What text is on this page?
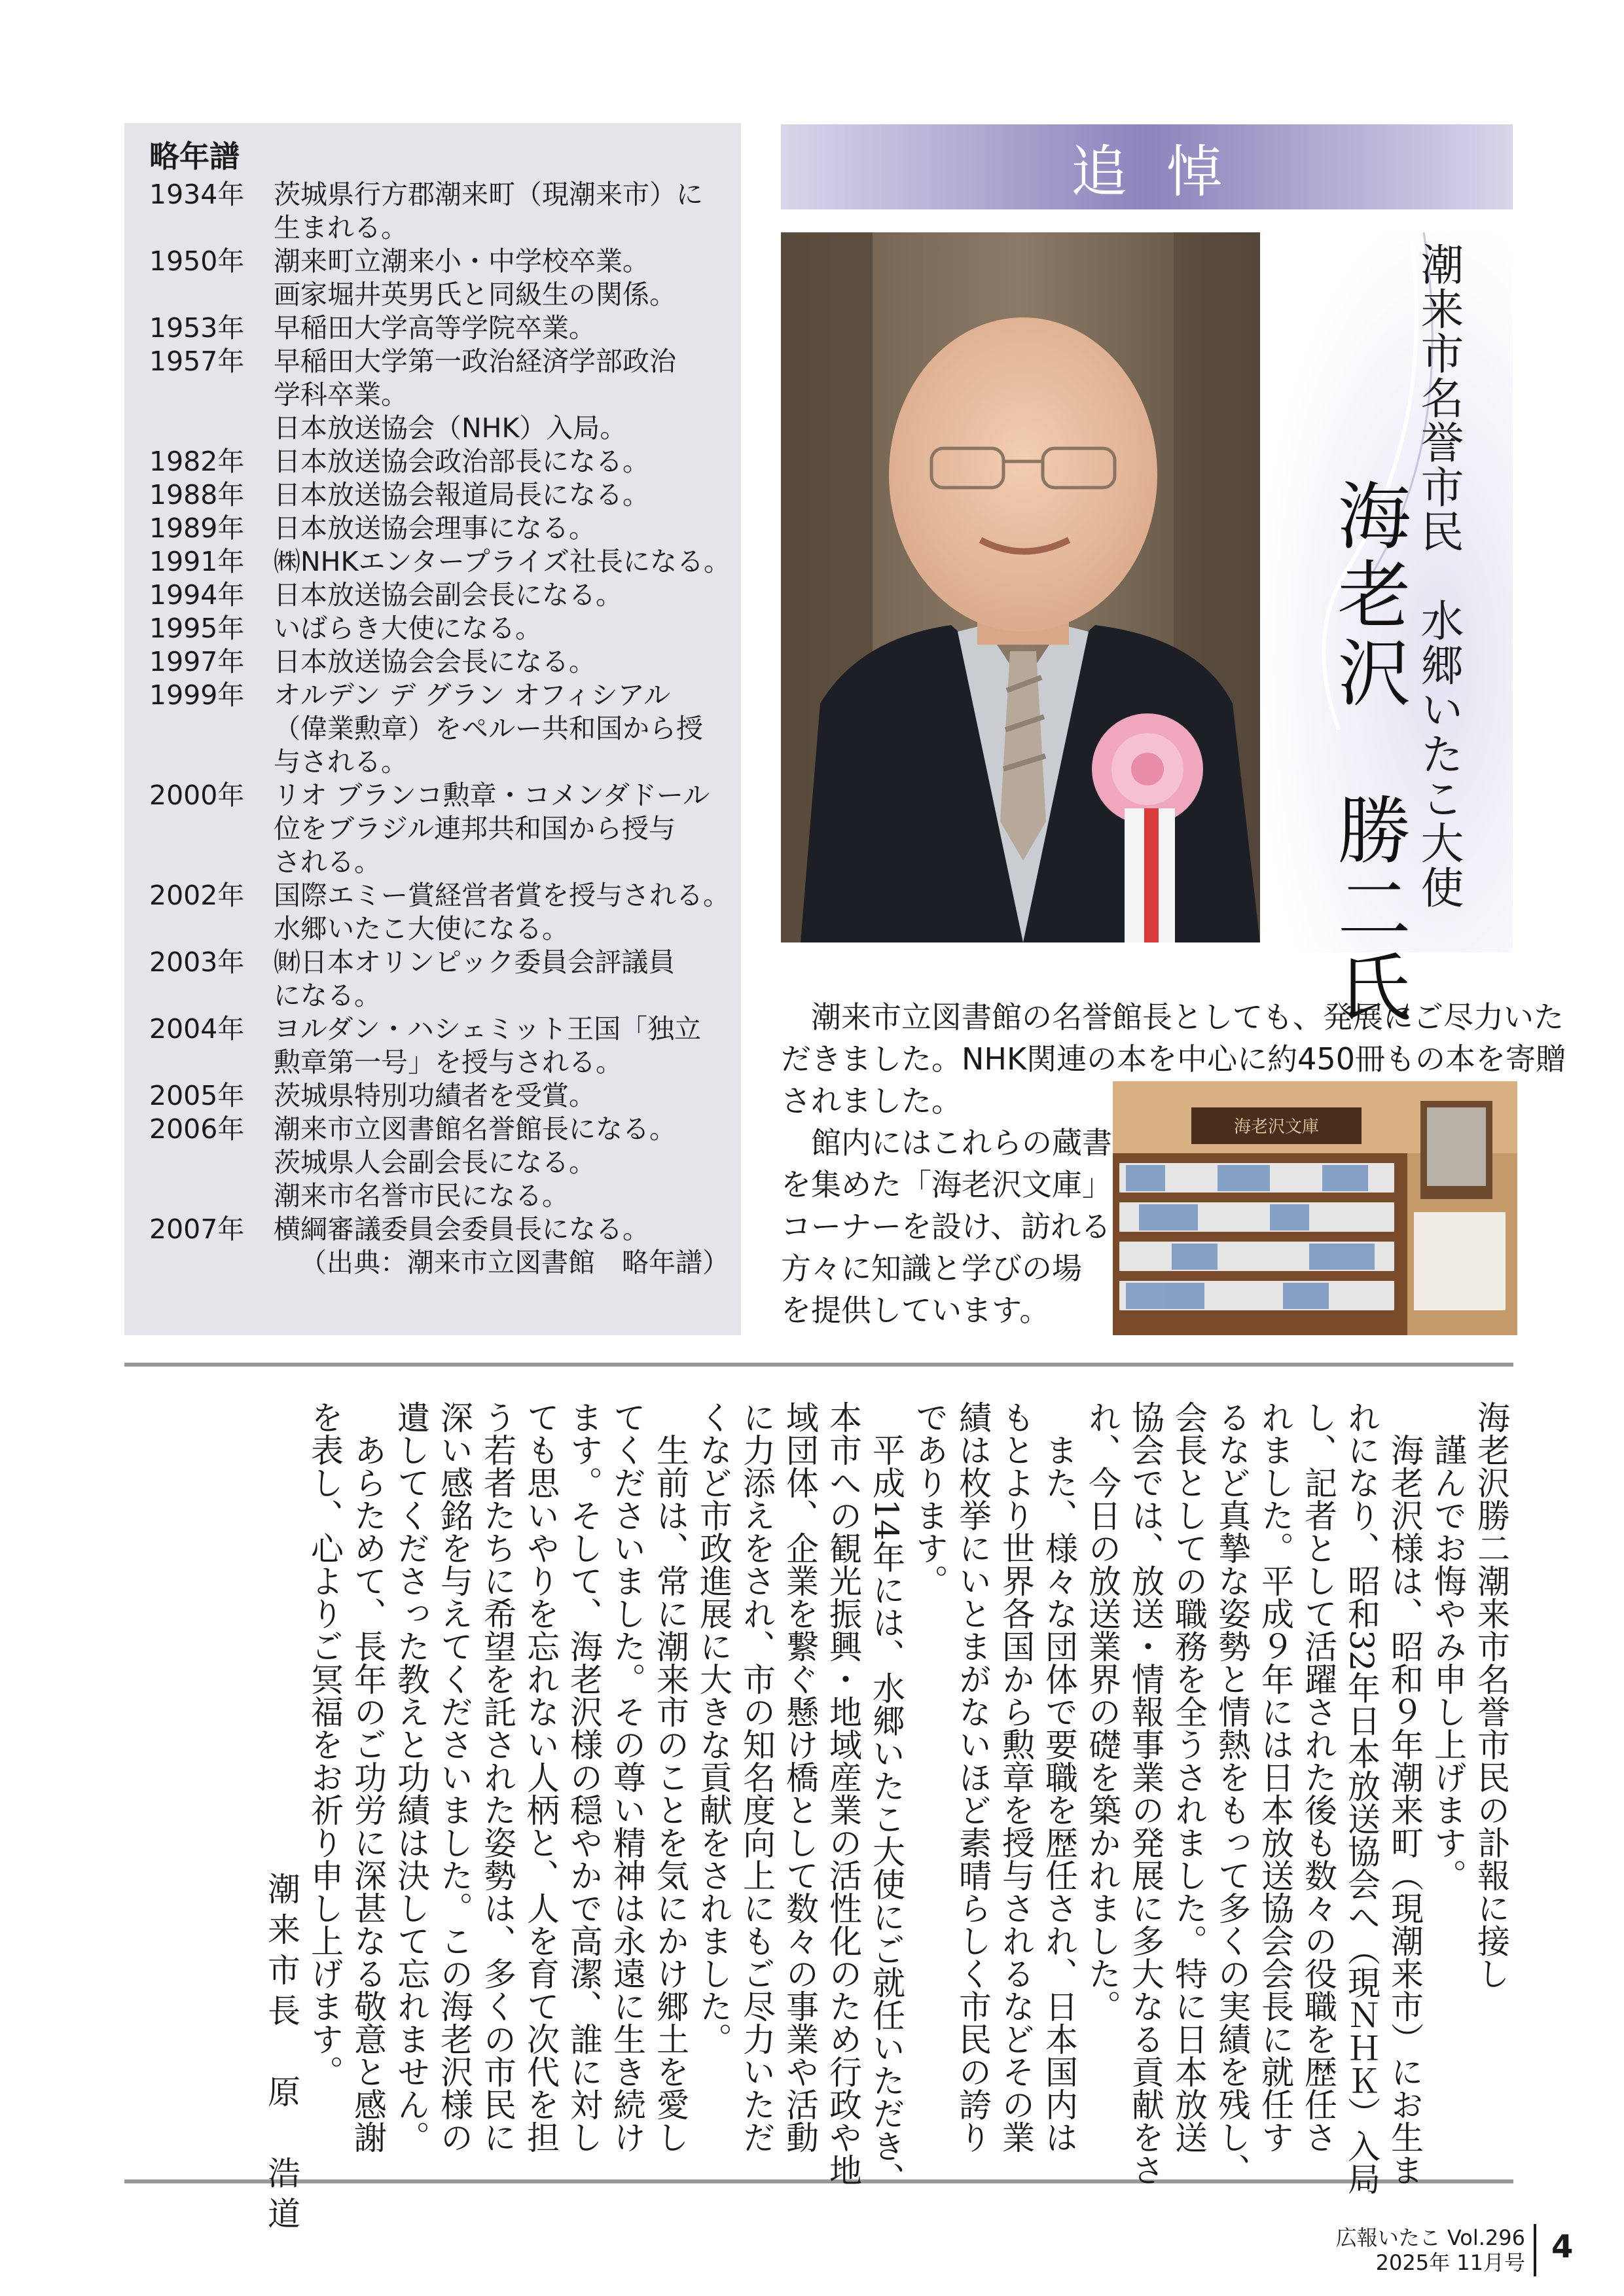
略年譜
1934年	茨城県行方郡潮来町（現潮来市）に
生まれる。
1950年	潮来町立潮来小・中学校卒業。
画家堀井英男氏と同級生の関係。
1953年	早稲田大学高等学院卒業。
1957年	早稲田大学第一政治経済学部政治
学科卒業。
日本放送協会（NHK）入局。
1982年	日本放送協会政治部長になる。
1988年	日本放送協会報道局長になる。
1989年	日本放送協会理事になる。
1991年	㈱NHKエンタープライズ社長になる。
1994年	日本放送協会副会長になる。
1995年	いばらき大使になる。
1997年	日本放送協会会長になる。
1999年	オルデン デ グラン オフィシアル
（偉業勲章）をペルー共和国から授
与される。
2000年	リオ ブランコ勲章・コメンダドール
位をブラジル連邦共和国から授与
される。
2002年	国際エミー賞経営者賞を授与される。
水郷いたこ大使になる。
2003年	㈶日本オリンピック委員会評議員
になる。
2004年	ヨルダン・ハシェミット王国「独立
勲章第一号」を授与される。
2005年	茨城県特別功績者を受賞。
2006年	潮来市立図書館名誉館長になる。
茨城県人会副会長になる。
潮来市名誉市民になる。
2007年	横綱審議委員会委員長になる。
（出典：潮来市立図書館　略年譜）
追悼
潮来市名誉市民　水郷いたこ大使
海老沢　勝二氏
潮来市立図書館の名誉館長としても、発展にご尽力いた
だきました。NHK関連の本を中心に約450冊もの本を寄贈
されました。
館内にはこれらの蔵書
を集めた「海老沢文庫」
コーナーを設け、訪れる
方々に知識と学びの場
を提供しています。
海老沢文庫
海老沢勝二潮来市名誉市民の訃報に接し
　謹んでお悔やみ申し上げます。
　海老沢様は、昭和９年潮来町（現潮来市）にお生ま
れになり、昭和32年日本放送協会へ（現ＮＨＫ）入局
し、記者として活躍された後も数々の役職を歴任さ
れました。平成９年には日本放送協会会長に就任す
るなど真摯な姿勢と情熱をもって多くの実績を残し、
会長としての職務を全うされました。特に日本放送
協会では、放送・情報事業の発展に多大なる貢献をさ
れ、今日の放送業界の礎を築かれました。
　また、様々な団体で要職を歴任され、日本国内は
もとより世界各国から勲章を授与されるなどその業
績は枚挙にいとまがないほど素晴らしく市民の誇り
であります。
　平成14年には、水郷いたこ大使にご就任いただき、
本市への観光振興・地域産業の活性化のため行政や地
域団体、企業を繋ぐ懸け橋として数々の事業や活動
に力添えをされ、市の知名度向上にもご尽力いただ
くなど市政進展に大きな貢献をされました。
　生前は、常に潮来市のことを気にかけ郷土を愛し
てくださいました。その尊い精神は永遠に生き続け
ます。そして、海老沢様の穏やかで高潔、誰に対し
ても思いやりを忘れない人柄と、人を育て次代を担
う若者たちに希望を託された姿勢は、多くの市民に
深い感銘を与えてくださいました。この海老沢様の
遺してくださった教えと功績は決して忘れません。
　あらためて、長年のご功労に深甚なる敬意と感謝
を表し、心よりご冥福をお祈り申し上げます。
潮来市長　原　浩道
広報いたこ Vol.296
2025年 11月号 4
